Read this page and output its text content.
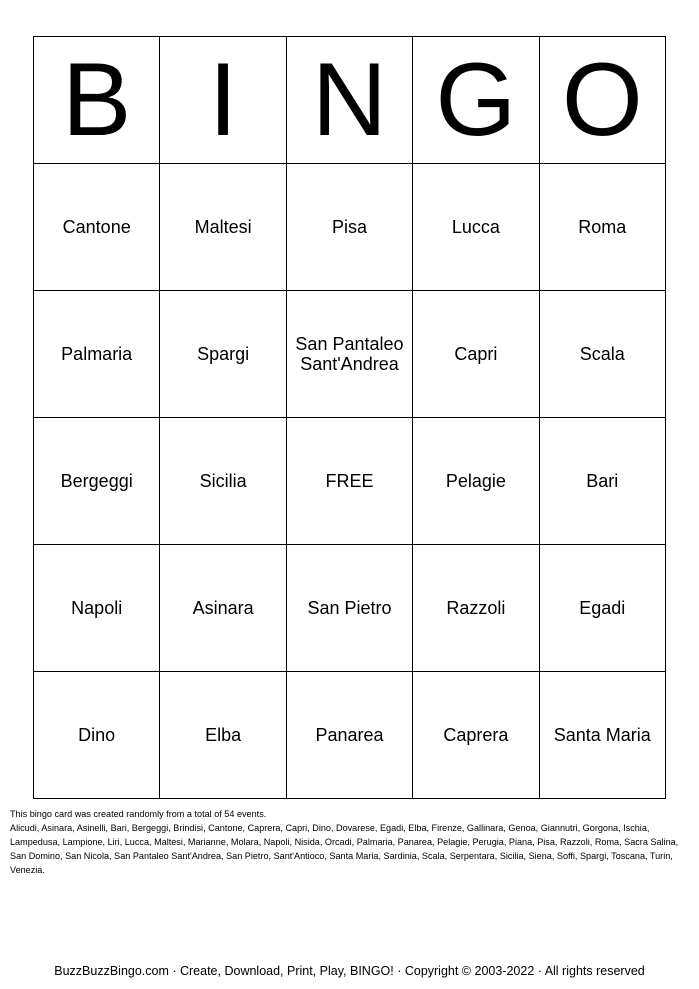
B	I	N	G	O
Cantone	Maltesi	Pisa	Lucca	Roma
Palmaria	Spargi	San Pantaleo Sant'Andrea	Capri	Scala
Bergeggi	Sicilia	FREE	Pelagie	Bari
Napoli	Asinara	San Pietro	Razzoli	Egadi
Dino	Elba	Panarea	Caprera	Santa Maria

This bingo card was created randomly from a total of 54 events.

Alicudi, Asinara, Asinelli, Bari, Bergeggi, Brindisi, Cantone, Caprera, Capri, Dino, Dovarese, Egadi, Elba, Firenze, Gallinara, Genoa, Giannutri, Gorgona, Ischia, Lampedusa, Lampione, Liri, Lucca, Maltesi, Marianne, Molara, Napoli, Nisida, Orcadi, Palmaria, Panarea, Pelagie, Perugia, Piana, Pisa, Razzoli, Roma, Sacra Salina, San Domino, San Nicola, San Pantaleo Sant'Andrea, San Pietro, Sant'Antioco, Santa Maria, Sardinia, Scala, Serpentara, Sicilia, Siena, Soffi, Spargi, Toscana, Turin, Venezia.

BuzzBuzzBingo.com · Create, Download, Print, Play, BINGO! · Copyright © 2003-2022 · All rights reserved
